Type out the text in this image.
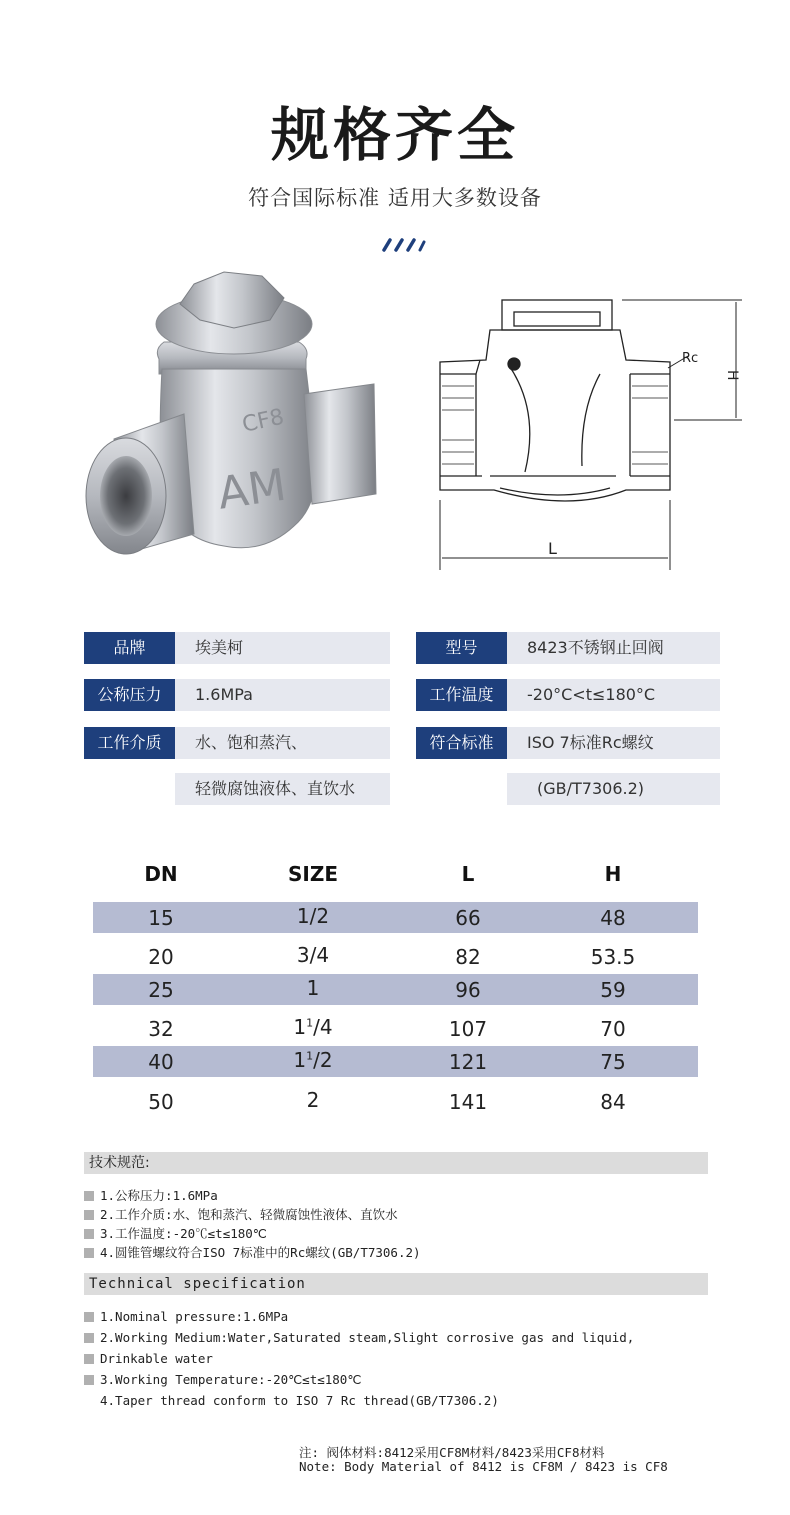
规格齐全
符合国际标准 适用大多数设备
CF8
AM
Rc
H
L
品牌	埃美柯	型号	8423不锈钢止回阀
公称压力	1.6MPa	工作温度	-20°C<t≤180°C
工作介质	水、饱和蒸汽、	符合标准	ISO 7标准Rc螺纹
轻微腐蚀液体、直饮水	(GB/T7306.2)
DN	SIZE	L	H
15	1/2	66	48
20	3/4	82	53.5
25	1	96	59
32	$1^1/4$	107	70
40	$1^1/2$	121	75
50	2	141	84
技术规范:
1.公称压力:1.6MPa
2.工作介质:水、饱和蒸汽、轻微腐蚀性液体、直饮水
3.工作温度:-20℃≤t≤180℃
4.圆锥管螺纹符合ISO 7标准中的Rc螺纹(GB/T7306.2)
Technical specification
1.Nominal pressure:1.6MPa
2.Working Medium:Water,Saturated steam,Slight corrosive gas and liquid,
Drinkable water
3.Working Temperature:-20℃≤t≤180℃
4.Taper thread conform to ISO 7 Rc thread(GB/T7306.2)
注: 阀体材料:8412采用CF8M材料/8423采用CF8材料
Note: Body Material of 8412 is CF8M / 8423 is CF8
